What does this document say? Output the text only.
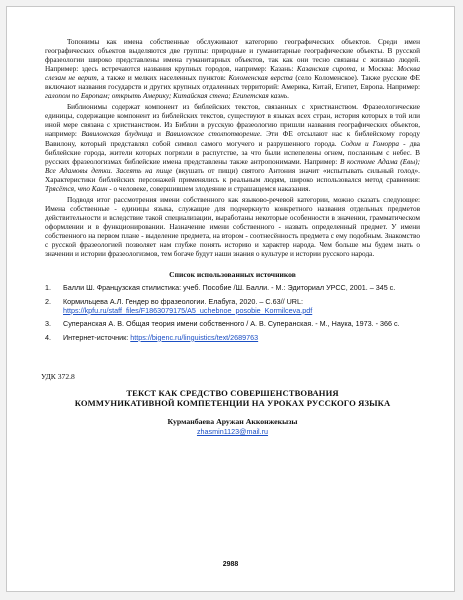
Топонимы как имена собственные обслуживают категорию географических объектов. Среди имен географических объектов выделяются две группы: природные и гуманитарные географические объекты. В русской фразеологии широко представлены имена гуманитарных объектов, так как они тесно связаны с жизнью людей. Например: здесь встречаются названия крупных городов, например: Казань: Казанская сирота, и Москва: Москва слезам не верит, а также и мелких населенных пунктов: Коломенская верста (село Коломенское). Также русские ФЕ включают названия государств и других крупных отдаленных территорий: Америка, Китай, Египет, Европа. Например: галопом по Европам; открыть Америку; Китайская стена; Египетская казнь.

Библионимы содержат компонент из библейских текстов, связанных с христианством. Фразеологические единицы, содержащие компонент из библейских текстов, существуют в языках всех стран, история которых в той или иной мере связана с христианством. Из Библии в русскую фразеологию пришли названия географических объектов, например: Вавилонская блудница и Вавилонское столпотворение. Эти ФЕ отсылают нас к библейскому городу Вавилону, который представлял собой символ самого могучего и разрушенного города. Содом и Гоморра - два библейские города, жители которых погрязли в распутстве, за что были испепелены огнем, посланным с небес. В русских фразеологизмах библейские имена представлены также антропонимами. Например: В костюме Адама (Евы); Все Адамовы детки. Засеять на пище (вкушать от пищи) святого Антония значит «испытывать сильный голод». Характеристики библейских персонажей применялись к реальным людям, широко использовался метод сравнения: Трясётся, что Каин - о человеке, совершившем злодеяние и страшащемся наказания.

Подводя итог рассмотрения имени собственного как языково-речевой категории, можно сказать следующее: Имена собственные - единицы языка, служащие для подчеркнуто конкретного названия отдельных предметов действительности и вследствие такой специализации, выработаны некоторые особенности в значении, грамматическом оформлении и в функционировании. Назначение имени собственного - назвать определенный предмет. У имени собственного на первом плане - выделение предмета, на втором - соотнесённость предмета с ему подобным. Знакомство с русской фразеологией позволяет нам глубже понять историю и характер народа. Чем больше мы будем знать о значении и истории фразеологизмов, тем богаче будут наши знания о культуре и истории русского народа.

Список использованных источников
1. Балли Ш. Французская стилистика: учеб. Пособие /Ш. Балли. - М.: Эдиториал УРСС, 2001. – 345 с.
2. Кормильцева А.Л. Гендер во фразеологии. Елабуга, 2020. – С.63// URL: https://kpfu.ru/staff_files/F1863079175/A5_uchebnoe_posobie_Kormilceva.pdf
3. Суперанская А. В. Общая теория имени собственного / А. В. Суперанская. - М., Наука, 1973. - 366 с.
4. Интернет-источник: https://bigenc.ru/linguistics/text/2689763
УДК 372.8
ТЕКСТ КАК СРЕДСТВО СОВЕРШЕНСТВОВАНИЯ
КОММУНИКАТИВНОЙ КОМПЕТЕНЦИИ НА УРОКАХ РУССКОГО ЯЗЫКА
Курманбаева Аружан Акконжекызы
zhasmin1123@mail.ru
2988
